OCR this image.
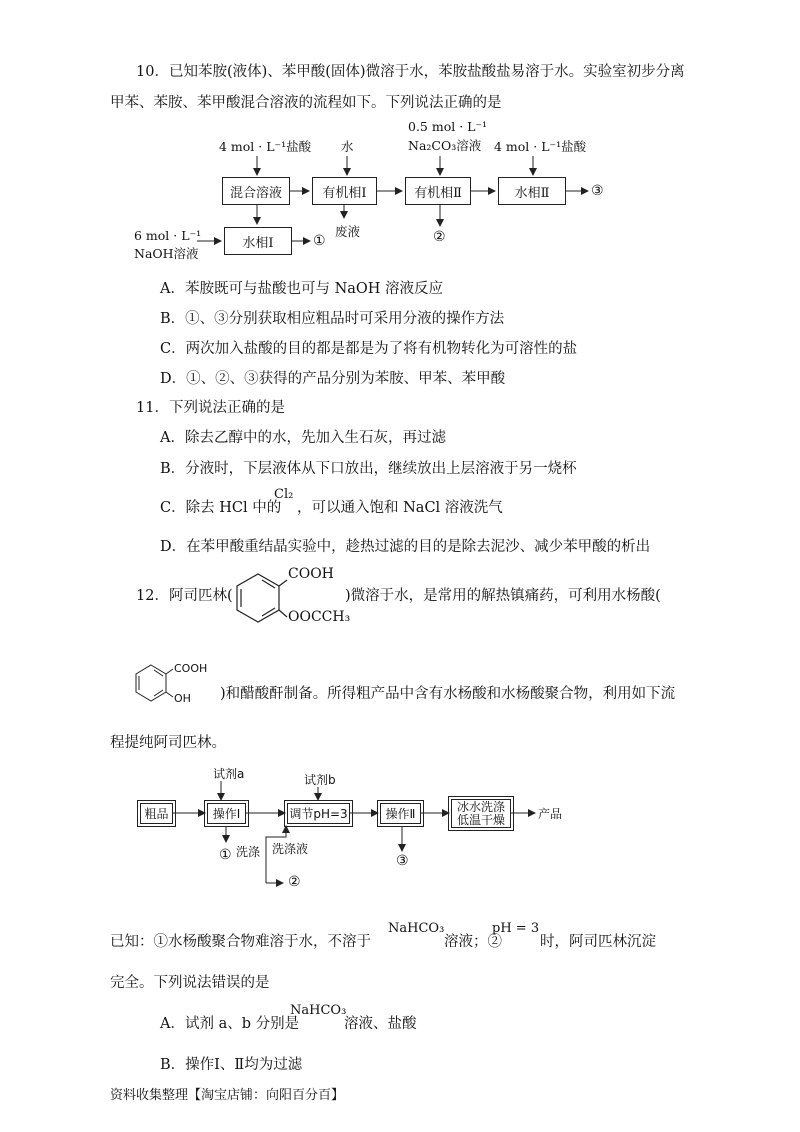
10．已知苯胺(液体)、苯甲酸(固体)微溶于水，苯胺盐酸盐易溶于水。实验室初步分离
甲苯、苯胺、苯甲酸混合溶液的流程如下。下列说法正确的是
4 mol · L⁻¹盐酸 水
0.5 mol · L⁻¹
Na₂CO₃溶液 4 mol · L⁻¹盐酸
混合溶液	有机相Ⅰ	有机相Ⅱ	水相Ⅱ
水相Ⅰ
6 mol · L⁻¹
NaOH溶液
废液
①	②
③
A．苯胺既可与盐酸也可与 NaOH 溶液反应
B．①、③分别获取相应粗品时可采用分液的操作方法
C．两次加入盐酸的目的都是都是为了将有机物转化为可溶性的盐
D．①、②、③获得的产品分别为苯胺、甲苯、苯甲酸
11．下列说法正确的是
A．除去乙醇中的水，先加入生石灰，再过滤
B．分液时，下层液体从下口放出，继续放出上层溶液于另一烧杯
C．除去 HCl 中的
Cl₂
，可以通入饱和 NaCl 溶液洗气
D．在苯甲酸重结晶实验中，趁热过滤的目的是除去泥沙、减少苯甲酸的析出
12．阿司匹林(
COOH
OOCCH₃
)微溶于水，是常用的解热镇痛药，可利用水杨酸(
COOH
OH )和醋酸酐制备。所得粗产品中含有水杨酸和水杨酸聚合物，利用如下流
程提纯阿司匹林。
试剂a	试剂b
粗品	操作Ⅰ	调节pH=3	操作Ⅱ
冰水洗涤
低温干燥	产品
洗涤 洗涤液
①
②
③
已知：①水杨酸聚合物难溶于水，不溶于
NaHCO₃
溶液；②
pH = 3
时，阿司匹林沉淀
完全。下列说法错误的是
A．试剂 a、b 分别是
NaHCO₃
溶液、盐酸
B．操作Ⅰ、Ⅱ均为过滤
资料收集整理【淘宝店铺：向阳百分百】
